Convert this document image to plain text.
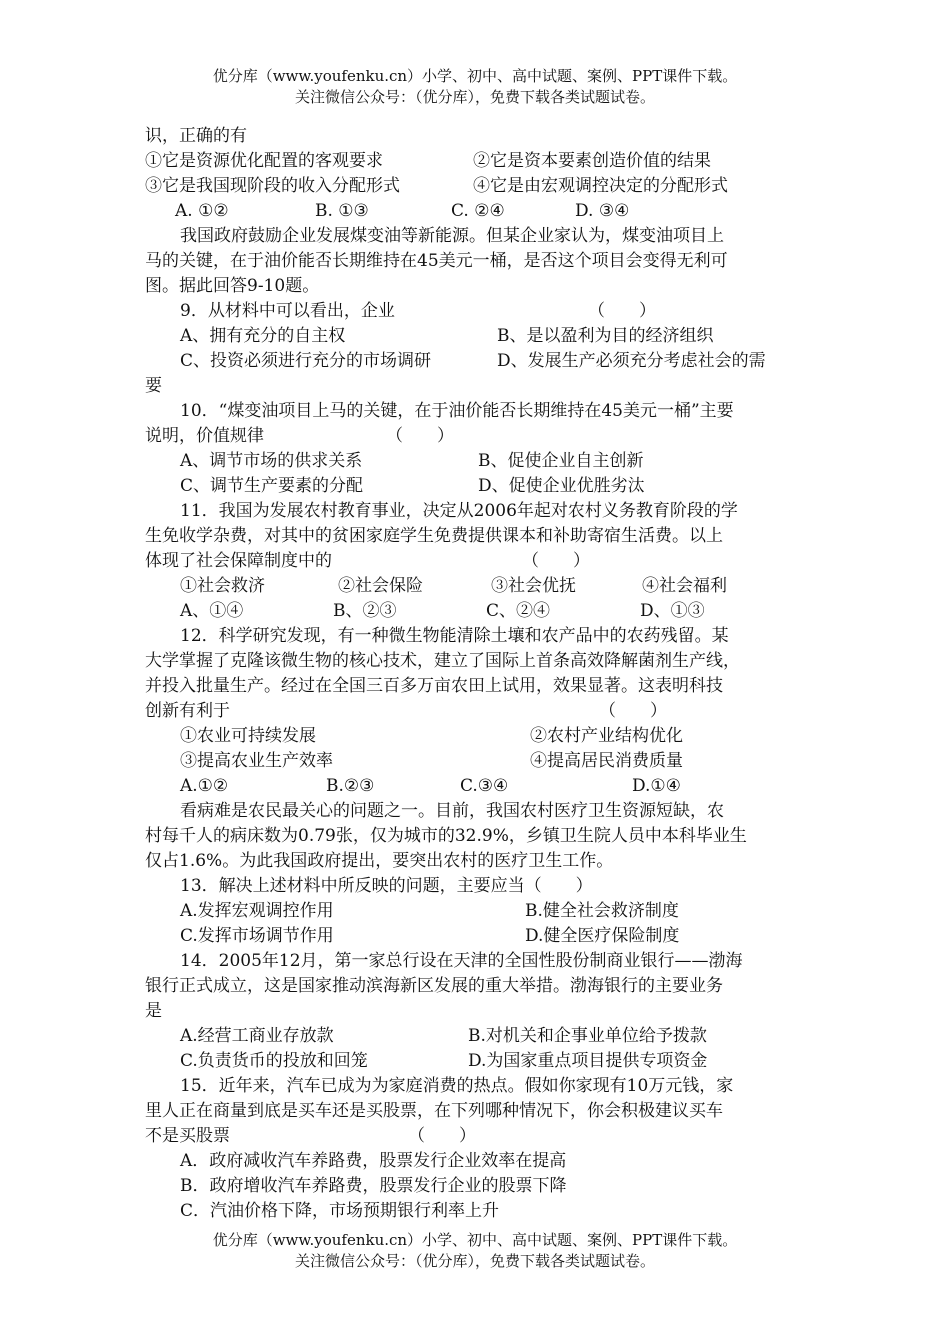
优分库（www.youfenku.cn）小学、初中、高中试题、案例、PPT课件下载。
关注微信公众号：（优分库），免费下载各类试题试卷。
识，正确的有
①它是资源优化配置的客观要求	②它是资本要素创造价值的结果
③它是我国现阶段的收入分配形式	④它是由宏观调控决定的分配形式
A. ①②	B. ①③	C. ②④	D. ③④
我国政府鼓励企业发展煤变油等新能源。但某企业家认为，煤变油项目上
马的关键，在于油价能否长期维持在45美元一桶，是否这个项目会变得无利可
图。据此回答9-10题。
9．从材料中可以看出，企业	（　　）
A、拥有充分的自主权	B、是以盈利为目的经济组织
C、投资必须进行充分的市场调研	D、发展生产必须充分考虑社会的需
要
10．“煤变油项目上马的关键，在于油价能否长期维持在45美元一桶”主要
说明，价值规律	（　　）
A、调节市场的供求关系	B、促使企业自主创新
C、调节生产要素的分配	D、促使企业优胜劣汰
11．我国为发展农村教育事业，决定从2006年起对农村义务教育阶段的学
生免收学杂费，对其中的贫困家庭学生免费提供课本和补助寄宿生活费。以上
体现了社会保障制度中的	（　　）
①社会救济	②社会保险	③社会优抚	④社会福利
A、①④	B、②③	C、②④	D、①③
12．科学研究发现，有一种微生物能清除土壤和农产品中的农药残留。某
大学掌握了克隆该微生物的核心技术，建立了国际上首条高效降解菌剂生产线，
并投入批量生产。经过在全国三百多万亩农田上试用，效果显著。这表明科技
创新有利于	（　　）
①农业可持续发展	②农村产业结构优化
③提高农业生产效率	④提高居民消费质量
A.①②	B.②③	C.③④	D.①④
看病难是农民最关心的问题之一。目前，我国农村医疗卫生资源短缺，农
村每千人的病床数为0.79张，仅为城市的32.9%，乡镇卫生院人员中本科毕业生
仅占1.6%。为此我国政府提出，要突出农村的医疗卫生工作。
13．解决上述材料中所反映的问题，主要应当（　　）
A.发挥宏观调控作用	B.健全社会救济制度
C.发挥市场调节作用	D.健全医疗保险制度
14．2005年12月，第一家总行设在天津的全国性股份制商业银行——渤海
银行正式成立，这是国家推动滨海新区发展的重大举措。渤海银行的主要业务
是
A.经营工商业存放款	B.对机关和企事业单位给予拨款
C.负责货币的投放和回笼	D.为国家重点项目提供专项资金
15．近年来，汽车已成为为家庭消费的热点。假如你家现有10万元钱，家
里人正在商量到底是买车还是买股票，在下列哪种情况下，你会积极建议买车
不是买股票	（　　）
A．政府减收汽车养路费，股票发行企业效率在提高
B．政府增收汽车养路费，股票发行企业的股票下降
C．汽油价格下降，市场预期银行利率上升
优分库（www.youfenku.cn）小学、初中、高中试题、案例、PPT课件下载。
关注微信公众号：（优分库），免费下载各类试题试卷。
